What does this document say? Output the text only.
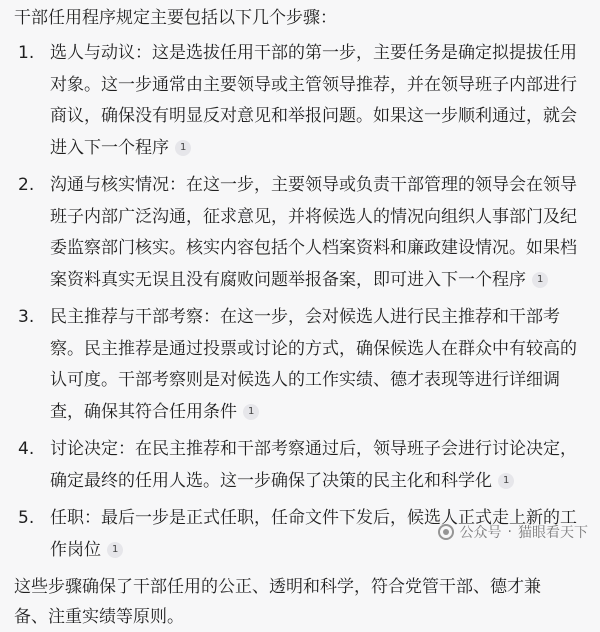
干部任用程序规定主要包括以下几个步骤：
1. 选人与动议：这是选拔任用干部的第一步，主要任务是确定拟提拔任用对象。这一步通常由主要领导或主管领导推荐，并在领导班子内部进行商议，确保没有明显反对意见和举报问题。如果这一步顺利通过，就会进入下一个程序 1
2. 沟通与核实情况：在这一步，主要领导或负责干部管理的领导会在领导班子内部广泛沟通，征求意见，并将候选人的情况向组织人事部门及纪委监察部门核实。核实内容包括个人档案资料和廉政建设情况。如果档案资料真实无误且没有腐败问题举报备案，即可进入下一个程序 1
3. 民主推荐与干部考察：在这一步，会对候选人进行民主推荐和干部考察。民主推荐是通过投票或讨论的方式，确保候选人在群众中有较高的认可度。干部考察则是对候选人的工作实绩、德才表现等进行详细调查，确保其符合任用条件 1
4. 讨论决定：在民主推荐和干部考察通过后，领导班子会进行讨论决定，确定最终的任用人选。这一步确保了决策的民主化和科学化 1
5. 任职：最后一步是正式任职，任命文件下发后，候选人正式走上新的工作岗位 1
这些步骤确保了干部任用的公正、透明和科学，符合党管干部、德才兼备、注重实绩等原则。
公众号 · 猫眼看天下
